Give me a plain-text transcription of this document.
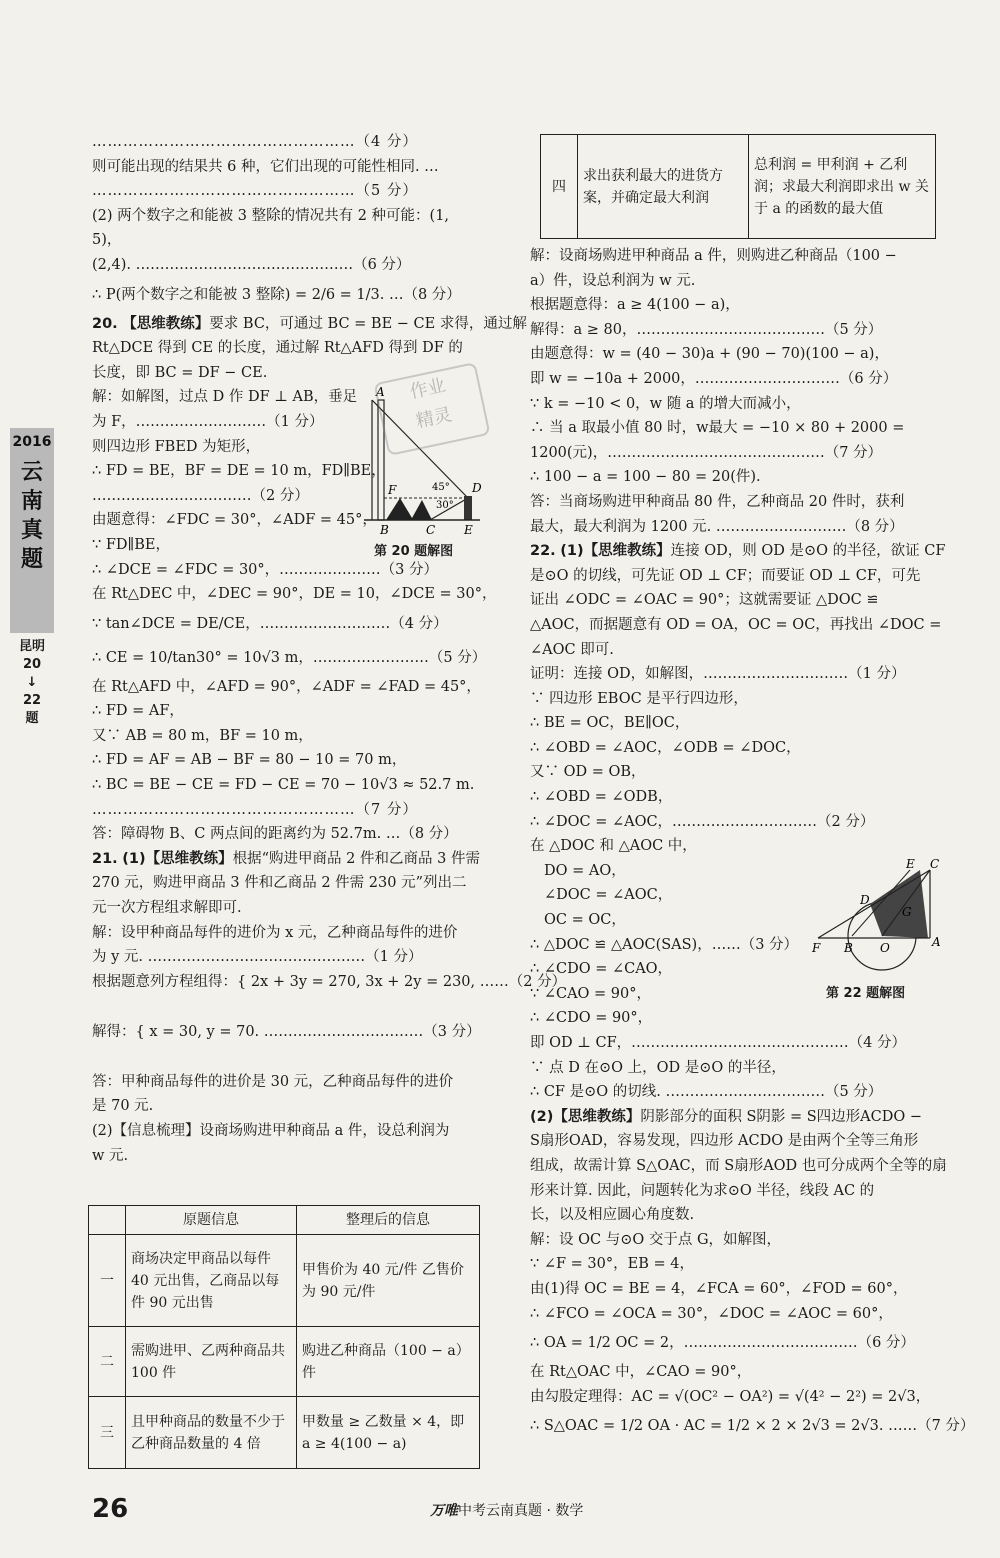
2016
云
南
真
题
昆明
20
↓
22
题
……………………………………………（4 分）
则可能出现的结果共 6 种，它们出现的可能性相同. …
……………………………………………（5 分）
(2) 两个数字之和能被 3 整除的情况共有 2 种可能：(1,
5)，
(2,4). ………………………………………（6 分）
∴ P(两个数字之和能被 3 整除) = 2/6 = 1/3. …（8 分）
20. 【思维教练】要求 BC，可通过 BC = BE − CE 求得，通过解
Rt△DCE 得到 CE 的长度，通过解 Rt△AFD 得到 DF 的
长度，即 BC = DF − CE.
解：如解图，过点 D 作 DF ⊥ AB，垂足
为 F，………………………（1 分）
则四边形 FBED 为矩形，
∴ FD = BE，BF = DE = 10 m，FD∥BE，
……………………………（2 分）
由题意得：∠FDC = 30°，∠ADF = 45°，
∵ FD∥BE，
∴ ∠DCE = ∠FDC = 30°，…………………（3 分）
在 Rt△DEC 中，∠DEC = 90°，DE = 10，∠DCE = 30°，
∵ tan∠DCE = DE/CE，………………………（4 分）
∴ CE = 10/tan30° = 10√3 m，……………………（5 分）
在 Rt△AFD 中，∠AFD = 90°，∠ADF = ∠FAD = 45°，
∴ FD = AF，
又∵ AB = 80 m，BF = 10 m，
∴ FD = AF = AB − BF = 80 − 10 = 70 m，
∴ BC = BE − CE = FD − CE = 70 − 10√3 ≈ 52.7 m.
……………………………………………（7 分）
答：障碍物 B、C 两点间的距离约为 52.7m. …（8 分）
21. (1)【思维教练】根据“购进甲商品 2 件和乙商品 3 件需
270 元，购进甲商品 3 件和乙商品 2 件需 230 元”列出二
元一次方程组求解即可.
解：设甲种商品每件的进价为 x 元，乙种商品每件的进价
为 y 元. ………………………………………（1 分）
根据题意列方程组得：{ 2x + 3y = 270, 3x + 2y = 230, ……（2 分）
解得：{ x = 30, y = 70. ……………………………（3 分）
答：甲种商品每件的进价是 30 元，乙种商品每件的进价
是 70 元.
(2)【信息梳理】设商场购进甲种商品 a 件，设总利润为
w 元.
A
F	D
45°
30°
B	C E
第 20 题解图
作业
精灵
	原题信息	整理后的信息
一	商场决定甲商品以每件 40 元出售，乙商品以每件 90 元出售	甲售价为 40 元/件 乙售价为 90 元/件
二	需购进甲、乙两种商品共 100 件	购进乙种商品（100 − a）件
三	且甲种商品的数量不少于乙种商品数量的 4 倍	甲数量 ≥ 乙数量 × 4，即 a ≥ 4(100 − a)
四	求出获利最大的进货方案，并确定最大利润	总利润 = 甲利润 + 乙利润；求最大利润即求出 w 关于 a 的函数的最大值
解：设商场购进甲种商品 a 件，则购进乙种商品（100 −
a）件，设总利润为 w 元.
根据题意得：a ≥ 4(100 − a)，
解得：a ≥ 80，…………………………………（5 分）
由题意得：w = (40 − 30)a + (90 − 70)(100 − a)，
即 w = −10a + 2000，…………………………（6 分）
∵ k = −10 < 0，w 随 a 的增大而减小，
∴ 当 a 取最小值 80 时，w最大 = −10 × 80 + 2000 =
1200(元)，………………………………………（7 分）
∴ 100 − a = 100 − 80 = 20(件).
答：当商场购进甲种商品 80 件，乙种商品 20 件时，获利
最大，最大利润为 1200 元. ………………………（8 分）
22. (1)【思维教练】连接 OD，则 OD 是⊙O 的半径，欲证 CF
是⊙O 的切线，可先证 OD ⊥ CF；而要证 OD ⊥ CF，可先
证出 ∠ODC = ∠OAC = 90°；这就需要证 △DOC ≌
△AOC，而据题意有 OD = OA，OC = OC，再找出 ∠DOC =
∠AOC 即可.
证明：连接 OD，如解图，…………………………（1 分）
∵ 四边形 EBOC 是平行四边形，
∴ BE = OC，BE∥OC，
∴ ∠OBD = ∠AOC，∠ODB = ∠DOC，
又∵ OD = OB，
∴ ∠OBD = ∠ODB，
∴ ∠DOC = ∠AOC，…………………………（2 分）
在 △DOC 和 △AOC 中，
DO = AO，
∠DOC = ∠AOC，
OC = OC，
∴ △DOC ≌ △AOC(SAS)，……（3 分）
∴ ∠CDO = ∠CAO，
∵ ∠CAO = 90°，
∴ ∠CDO = 90°，
即 OD ⊥ CF，………………………………………（4 分）
∵ 点 D 在⊙O 上，OD 是⊙O 的半径，
∴ CF 是⊙O 的切线. ……………………………（5 分）
(2)【思维教练】阴影部分的面积 S阴影 = S四边形ACDO −
S扇形OAD，容易发现，四边形 ACDO 是由两个全等三角形
组成，故需计算 S△OAC，而 S扇形AOD 也可分成两个全等的扇
形来计算. 因此，问题转化为求⊙O 半径，线段 AC 的
长，以及相应圆心角度数.
解：设 OC 与⊙O 交于点 G，如解图，
∵ ∠F = 30°，EB = 4，
由(1)得 OC = BE = 4，∠FCA = 60°，∠FOD = 60°，
∴ ∠FCO = ∠OCA = 30°，∠DOC = ∠AOC = 60°，
∴ OA = 1/2 OC = 2，………………………………（6 分）
在 Rt△OAC 中，∠CAO = 90°，
由勾股定理得：AC = √(OC² − OA²) = √(4² − 2²) = 2√3，
∴ S△OAC = 1/2 OA · AC = 1/2 × 2 × 2√3 = 2√3. ……（7 分）
E C
D
G
F B O	A
第 22 题解图
26	万唯中考云南真题 · 数学
